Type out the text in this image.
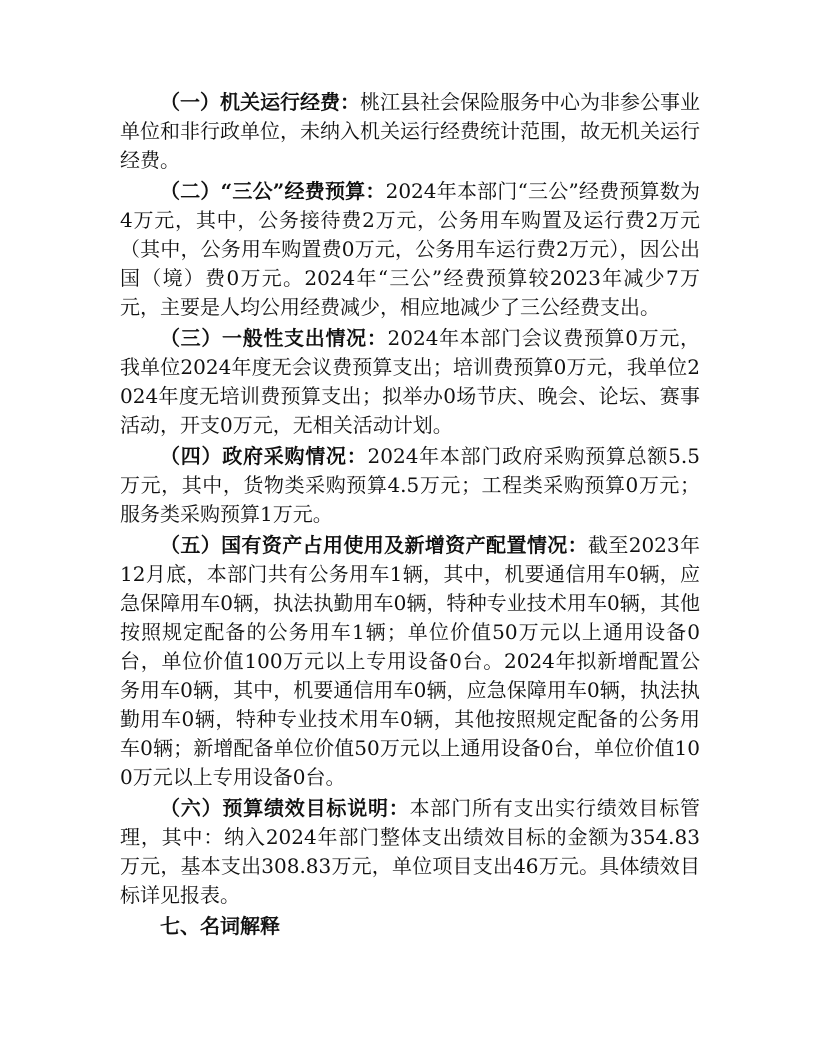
（一）机关运行经费：桃江县社会保险服务中心为非参公事业单位和非行政单位，未纳入机关运行经费统计范围，故无机关运行经费。

（二）“三公”经费预算：2024年本部门“三公”经费预算数为4万元，其中，公务接待费2万元，公务用车购置及运行费2万元（其中，公务用车购置费0万元，公务用车运行费2万元），因公出国（境）费0万元。2024年“三公”经费预算较2023年减少7万元，主要是人均公用经费减少，相应地减少了三公经费支出。

（三）一般性支出情况：2024年本部门会议费预算0万元，我单位2024年度无会议费预算支出；培训费预算0万元，我单位2024年度无培训费预算支出；拟举办0场节庆、晚会、论坛、赛事活动，开支0万元，无相关活动计划。

（四）政府采购情况：2024年本部门政府采购预算总额5.5万元，其中，货物类采购预算4.5万元；工程类采购预算0万元；服务类采购预算1万元。

（五）国有资产占用使用及新增资产配置情况：截至2023年12月底，本部门共有公务用车1辆，其中，机要通信用车0辆，应急保障用车0辆，执法执勤用车0辆，特种专业技术用车0辆，其他按照规定配备的公务用车1辆；单位价值50万元以上通用设备0台，单位价值100万元以上专用设备0台。2024年拟新增配置公务用车0辆，其中，机要通信用车0辆，应急保障用车0辆，执法执勤用车0辆，特种专业技术用车0辆，其他按照规定配备的公务用车0辆；新增配备单位价值50万元以上通用设备0台，单位价值100万元以上专用设备0台。

（六）预算绩效目标说明：本部门所有支出实行绩效目标管理，其中：纳入2024年部门整体支出绩效目标的金额为354.83万元，基本支出308.83万元，单位项目支出46万元。具体绩效目标详见报表。

七、名词解释
